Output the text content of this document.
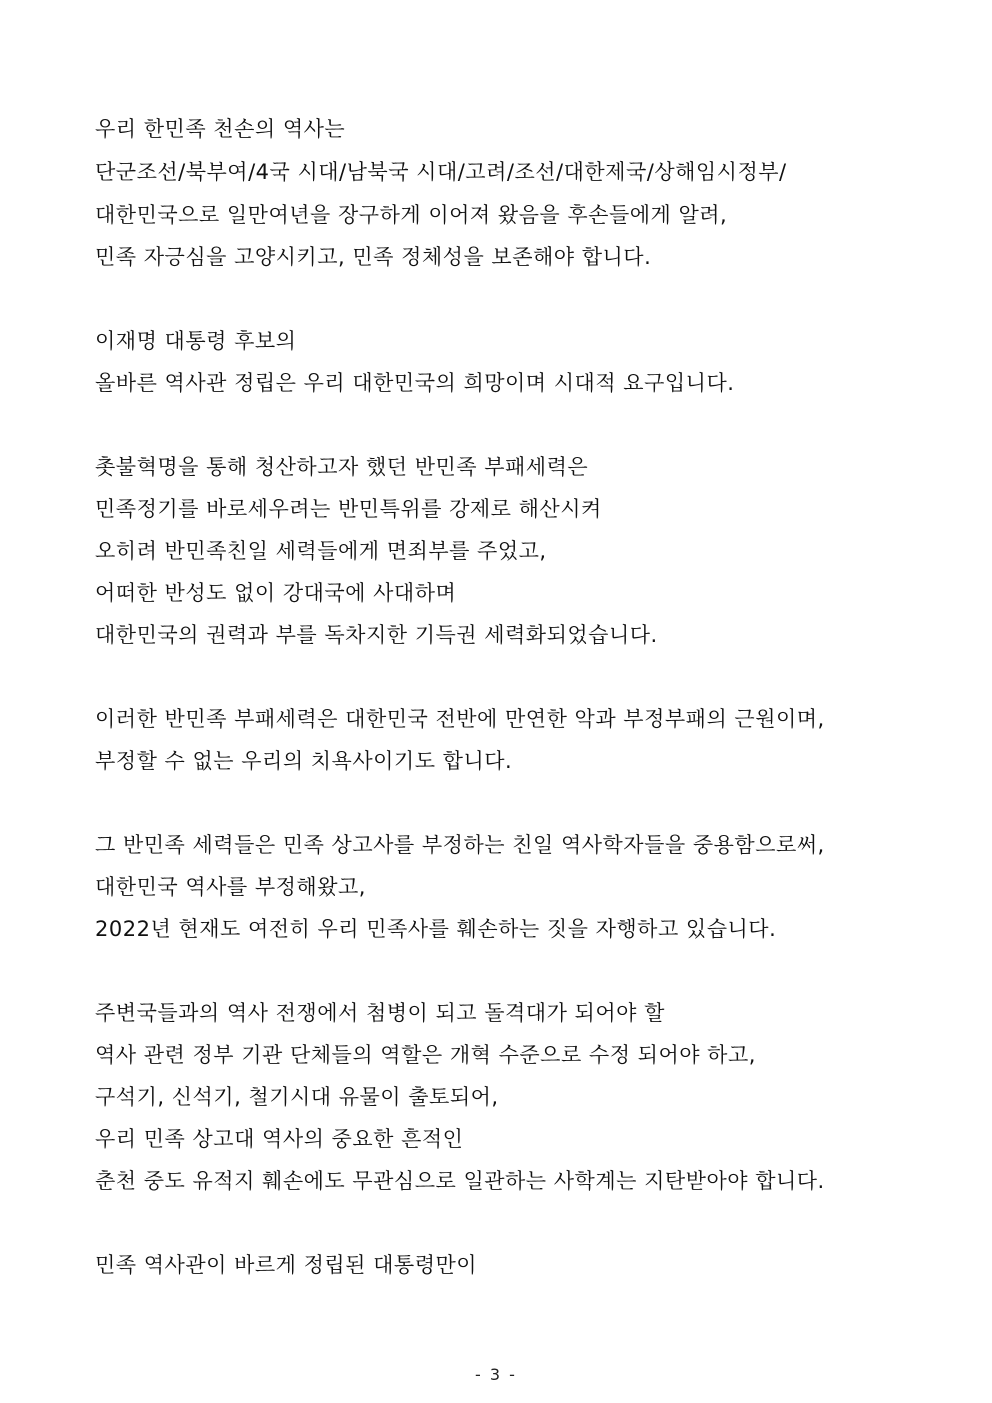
우리 한민족 천손의 역사는
단군조선/북부여/4국 시대/남북국 시대/고려/조선/대한제국/상해임시정부/
대한민국으로 일만여년을 장구하게 이어져 왔음을 후손들에게 알려,
민족 자긍심을 고양시키고, 민족 정체성을 보존해야 합니다.
이재명 대통령 후보의
올바른 역사관 정립은 우리 대한민국의 희망이며 시대적 요구입니다.
촛불혁명을 통해 청산하고자 했던 반민족 부패세력은
민족정기를 바로세우려는 반민특위를 강제로 해산시켜
오히려 반민족친일 세력들에게 면죄부를 주었고,
어떠한 반성도 없이 강대국에 사대하며
대한민국의 권력과 부를 독차지한 기득권 세력화되었습니다.
이러한 반민족 부패세력은 대한민국 전반에 만연한 악과 부정부패의 근원이며,
부정할 수 없는 우리의 치욕사이기도 합니다.
그 반민족 세력들은 민족 상고사를 부정하는 친일 역사학자들을 중용함으로써,
대한민국 역사를 부정해왔고,
2022년 현재도 여전히 우리 민족사를 훼손하는 짓을 자행하고 있습니다.
주변국들과의 역사 전쟁에서 첨병이 되고 돌격대가 되어야 할
역사 관련 정부 기관 단체들의 역할은 개혁 수준으로 수정 되어야 하고,
구석기, 신석기, 철기시대 유물이 출토되어,
우리 민족 상고대 역사의 중요한 흔적인
춘천 중도 유적지 훼손에도 무관심으로 일관하는 사학계는 지탄받아야 합니다.
민족 역사관이 바르게 정립된 대통령만이
- 3 -
